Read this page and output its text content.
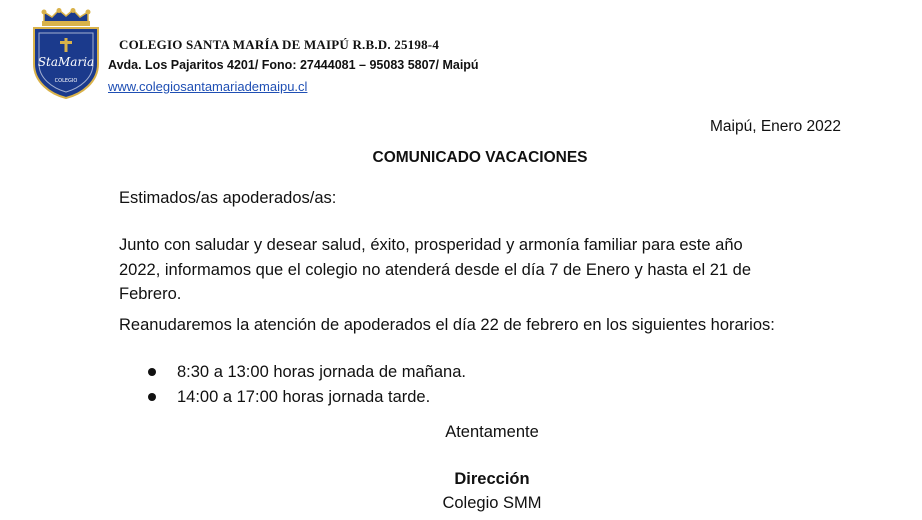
StaMaria
COLEGIO
COLEGIO SANTA MARÍA DE MAIPÚ R.B.D. 25198-4
Avda. Los Pajaritos 4201/ Fono: 27444081 – 95083 5807/ Maipú
www.colegiosantamariademaipu.cl
Maipú, Enero 2022
COMUNICADO VACACIONES
Estimados/as apoderados/as:
Junto con saludar y desear salud, éxito, prosperidad y armonía familiar para este año
2022, informamos que el colegio no atenderá desde el día 7 de Enero y hasta el 21 de
Febrero.
Reanudaremos la atención de apoderados el día 22 de febrero en los siguientes horarios:
8:30 a 13:00 horas jornada de mañana.
14:00 a 17:00 horas jornada tarde.
Atentamente
Dirección
Colegio SMM
